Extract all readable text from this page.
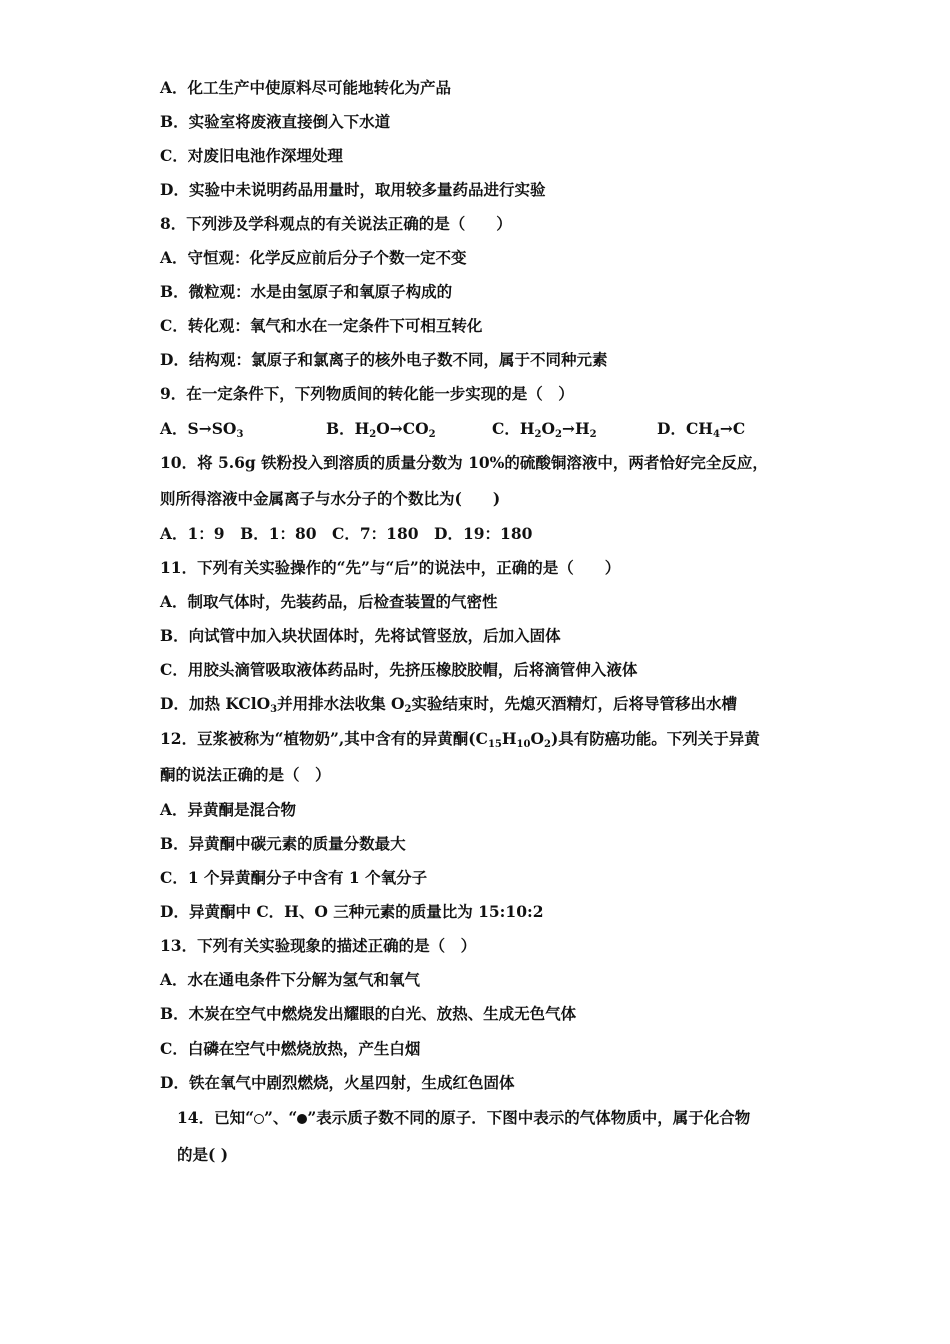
A．化工生产中使原料尽可能地转化为产品
B．实验室将废液直接倒入下水道
C．对废旧电池作深埋处理
D．实验中未说明药品用量时，取用较多量药品进行实验
8．下列涉及学科观点的有关说法正确的是（　　）
A．守恒观：化学反应前后分子个数一定不变
B．微粒观：水是由氢原子和氧原子构成的
C．转化观：氧气和水在一定条件下可相互转化
D．结构观：氯原子和氯离子的核外电子数不同，属于不同种元素
9．在一定条件下，下列物质间的转化能一步实现的是（　）
A．$S\to SO_3$	B．$H_2O\to CO_2$	C．$H_2O_2\to H_2$	D．$CH_4\to C$
10．将 5.6g 铁粉投入到溶质的质量分数为 10%的硫酸铜溶液中，两者恰好完全反应，
则所得溶液中金属离子与水分子的个数比为(　　)
A．1：9　B．1：80　C．7：180　D．19：180
11．下列有关实验操作的“先”与“后”的说法中，正确的是（　　）
A．制取气体时，先装药品，后检查装置的气密性
B．向试管中加入块状固体时，先将试管竖放，后加入固体
C．用胶头滴管吸取液体药品时，先挤压橡胶胶帽，后将滴管伸入液体
D．加热 KClO$_3$并用排水法收集 $O_2$实验结束时，先熄灭酒精灯，后将导管移出水槽
12．豆浆被称为“植物奶”,其中含有的异黄酮$(C_{15}H_{10}O_2)$具有防癌功能。下列关于异黄
酮的说法正确的是（　）
A．异黄酮是混合物
B．异黄酮中碳元素的质量分数最大
C．1 个异黄酮分子中含有 1 个氧分子
D．异黄酮中 C．H、O 三种元素的质量比为 15:10:2
13．下列有关实验现象的描述正确的是（　）
A．水在通电条件下分解为氢气和氧气
B．木炭在空气中燃烧发出耀眼的白光、放热、生成无色气体
C．白磷在空气中燃烧放热，产生白烟
D．铁在氧气中剧烈燃烧，火星四射，生成红色固体
14．已知“ ”、“ ”表示质子数不同的原子．下图中表示的气体物质中，属于化合物
的是( )
